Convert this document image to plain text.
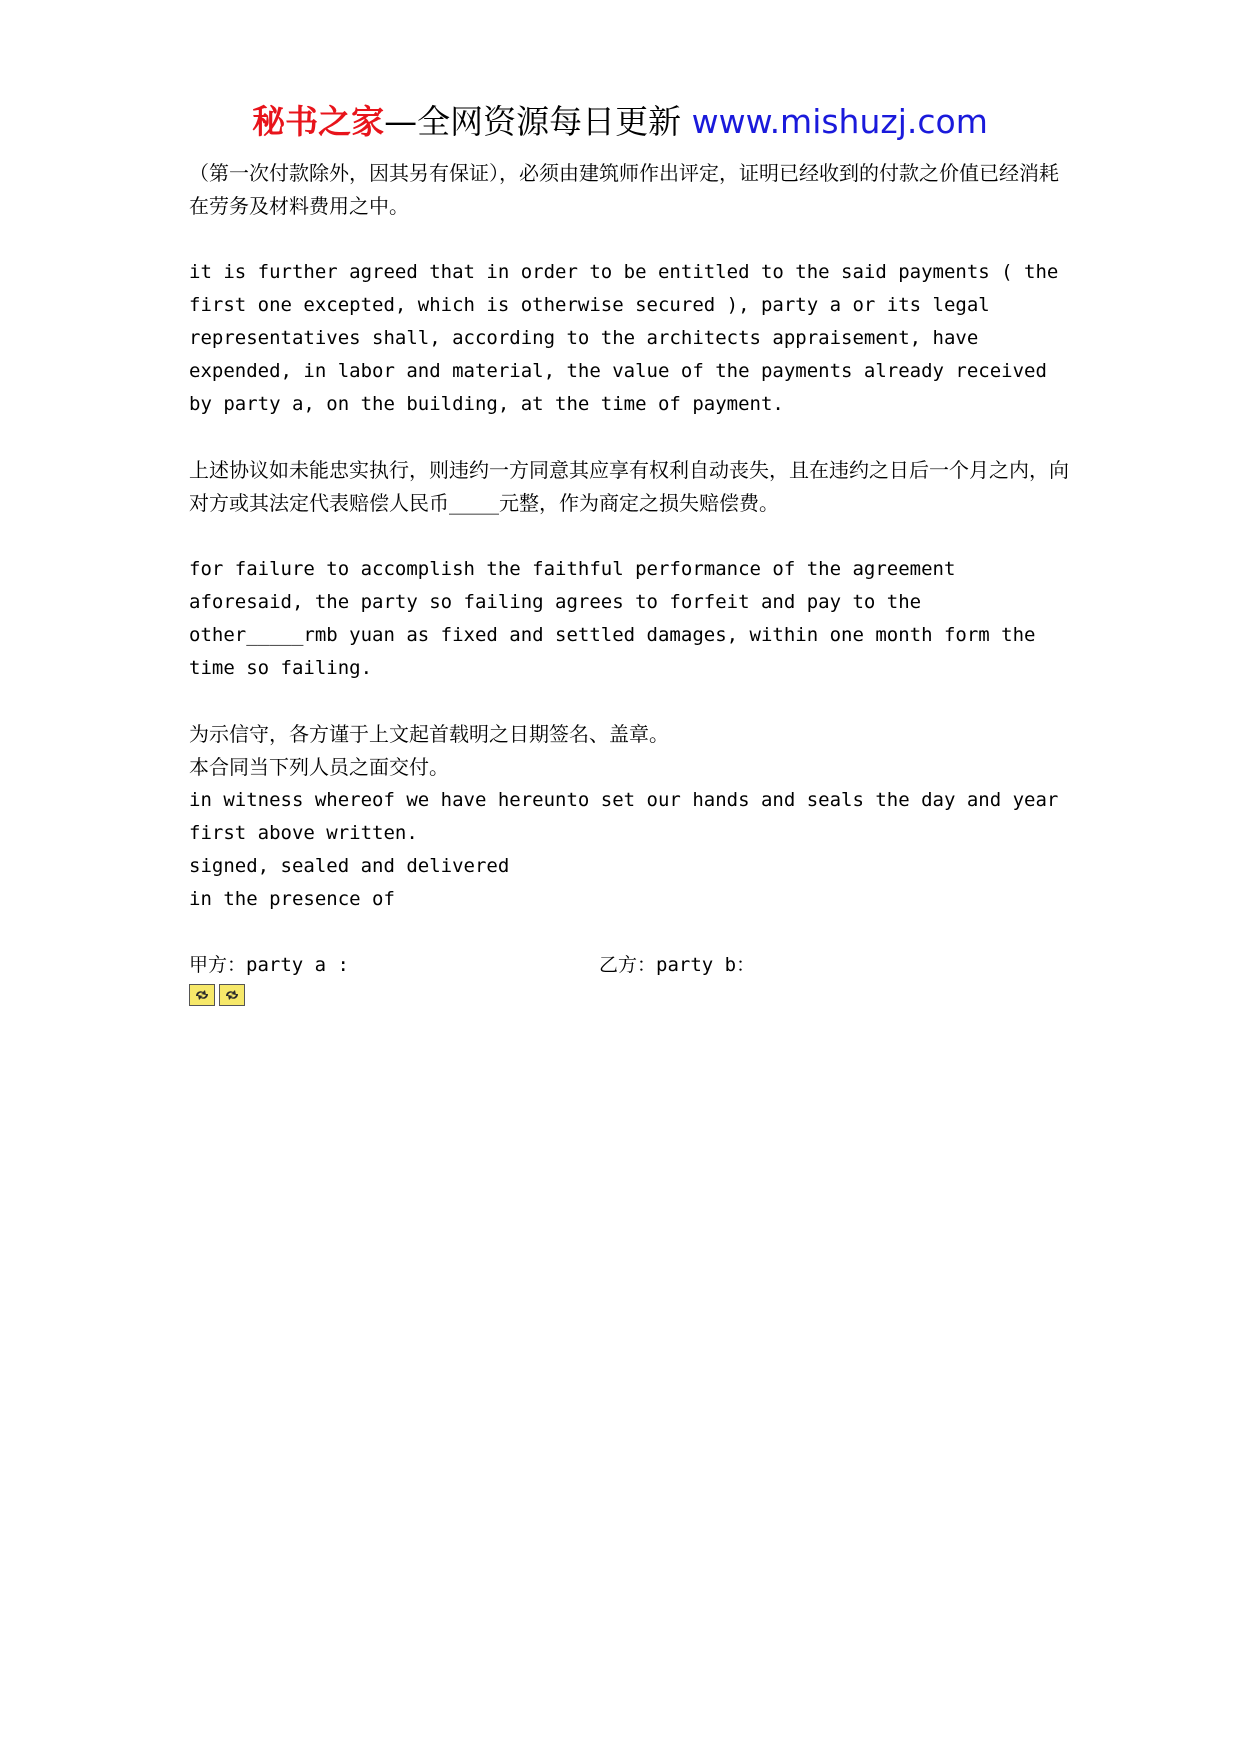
秘书之家—全网资源每日更新 www.mishuzj.com

（第一次付款除外，因其另有保证），必须由建筑师作出评定，证明已经收到的付款之价值已经消耗在劳务及材料费用之中。

it is further agreed that in order to be entitled to the said payments ( the first one excepted, which is otherwise secured ), party a or its legal representatives shall, according to the architects appraisement, have expended, in labor and material, the value of the payments already received by party a, on the building, at the time of payment.

上述协议如未能忠实执行，则违约一方同意其应享有权利自动丧失，且在违约之日后一个月之内，向对方或其法定代表赔偿人民币_____元整，作为商定之损失赔偿费。

for failure to accomplish the faithful performance of the agreement aforesaid, the party so failing agrees to forfeit and pay to the other_____rmb yuan as fixed and settled damages, within one month form the time so failing.

为示信守，各方谨于上文起首载明之日期签名、盖章。

本合同当下列人员之面交付。

in witness whereof we have hereunto set our hands and seals the day and year first above written.

signed, sealed and delivered

in the presence of

甲方：party a :	乙方：party b：
